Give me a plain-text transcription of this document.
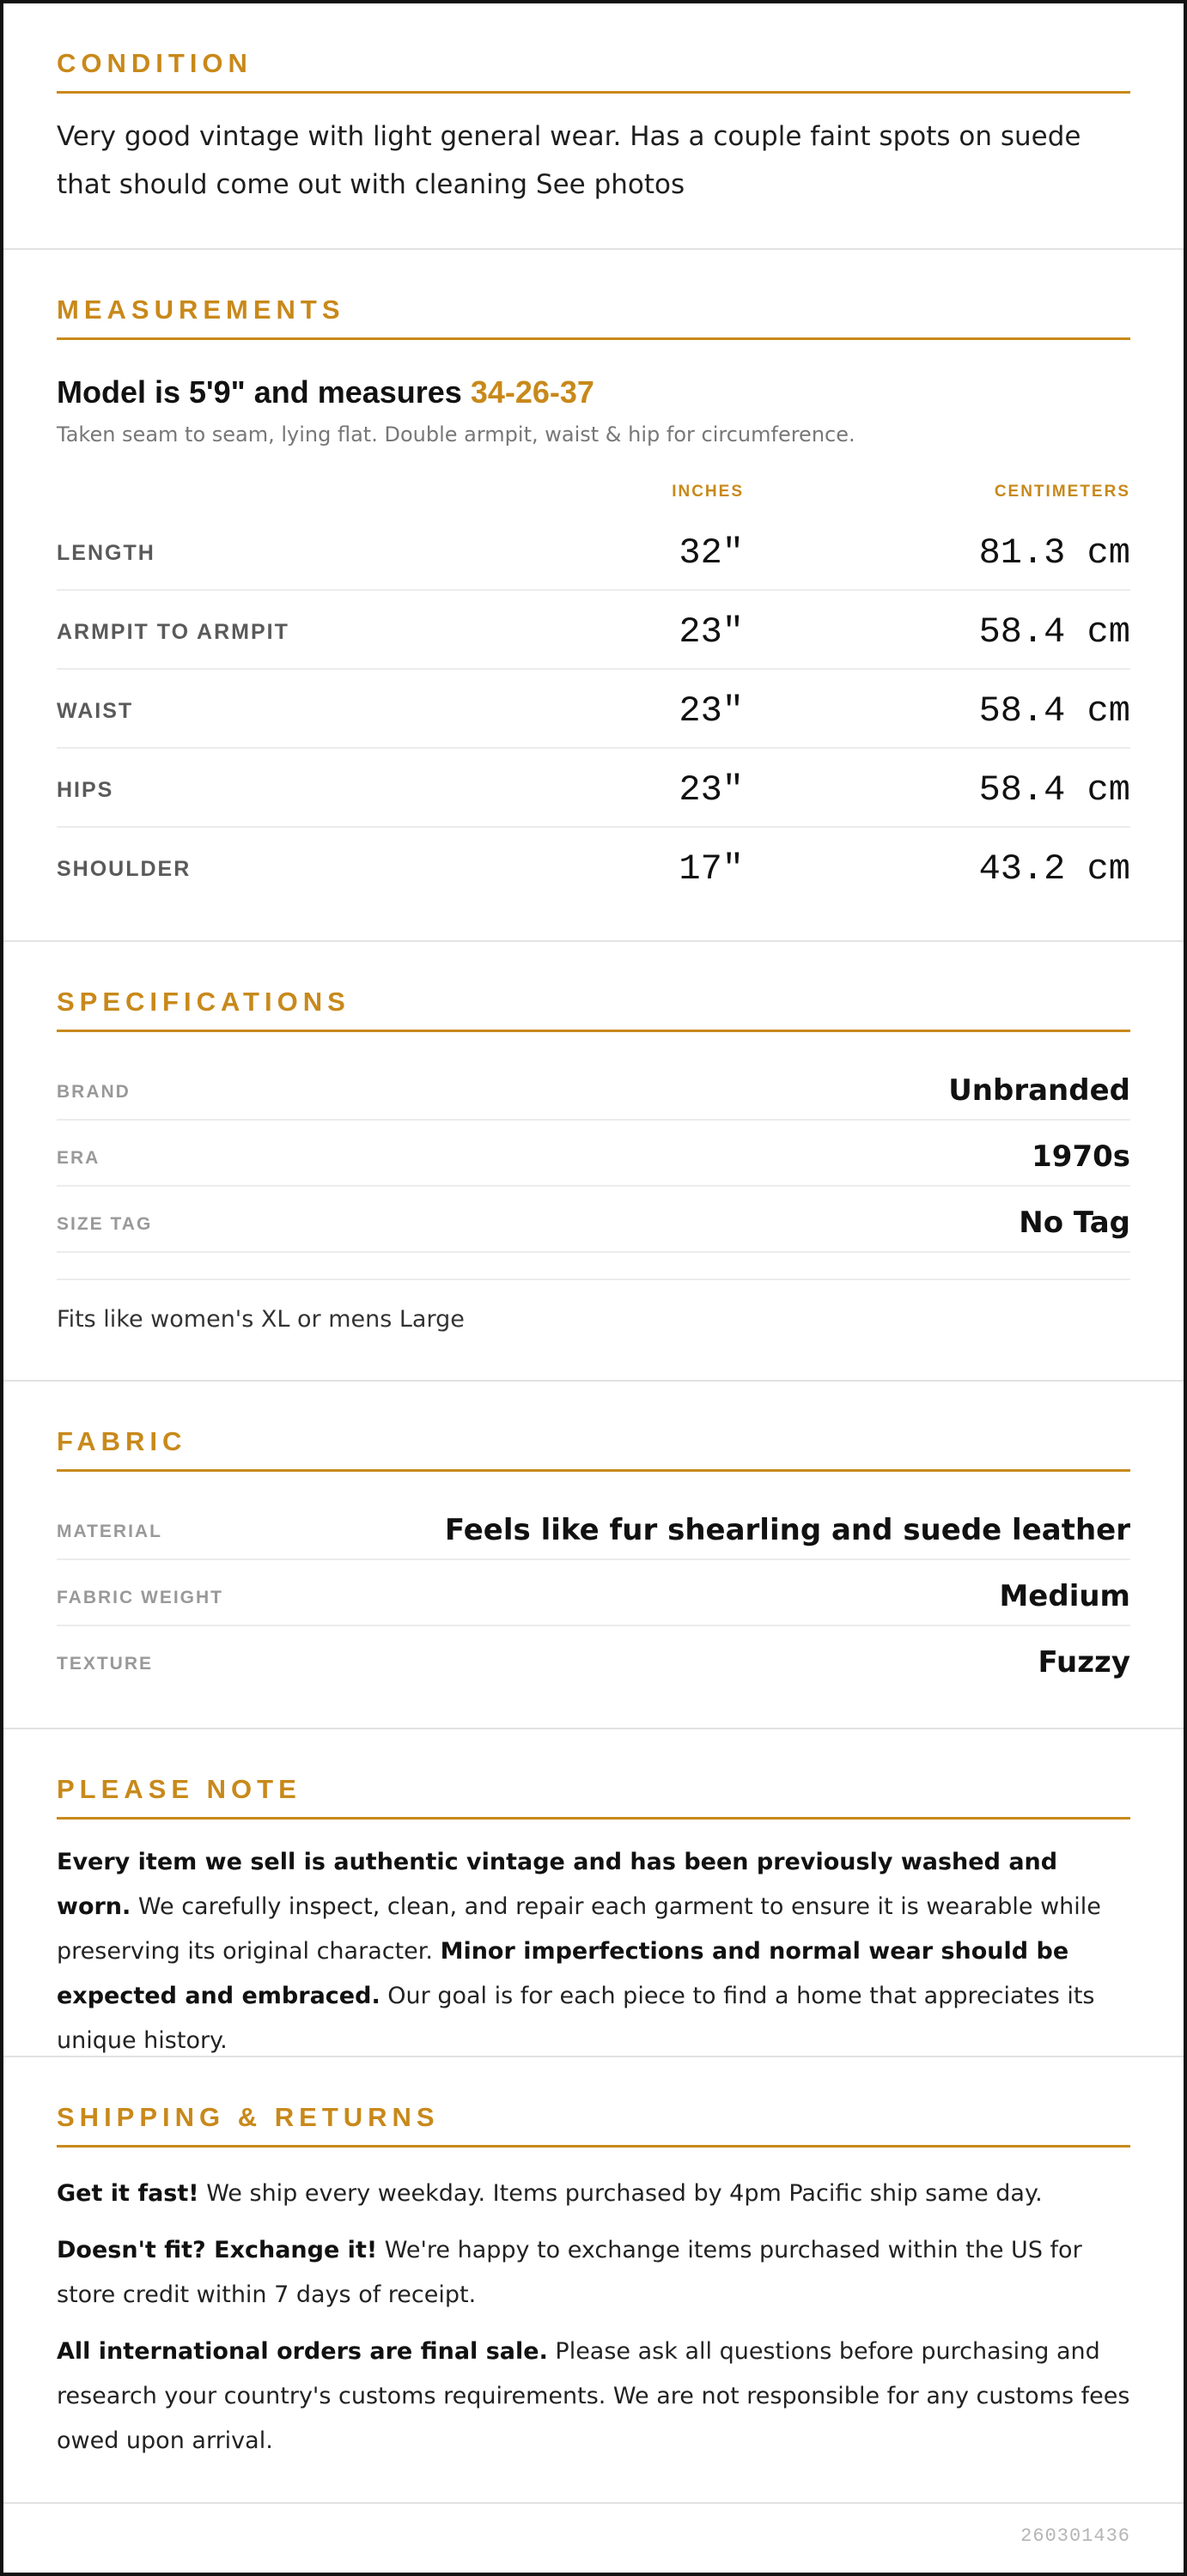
CONDITION

Very good vintage with light general wear. Has a couple faint spots on suede that should come out with cleaning See photos

MEASUREMENTS
Model is 5'9" and measures 34-26-37
Taken seam to seam, lying flat. Double armpit, waist & hip for circumference.
INCHES	CENTIMETERS
LENGTH	32"	81.3 cm
ARMPIT TO ARMPIT	23"	58.4 cm
WAIST	23"	58.4 cm
HIPS	23"	58.4 cm
SHOULDER	17"	43.2 cm
SPECIFICATIONS
BRAND	Unbranded
ERA	1970s
SIZE TAG	No Tag
Fits like women's XL or mens Large
FABRIC
MATERIAL	Feels like fur shearling and suede leather
FABRIC WEIGHT	Medium
TEXTURE	Fuzzy
PLEASE NOTE

Every item we sell is authentic vintage and has been previously washed and worn. We carefully inspect, clean, and repair each garment to ensure it is wearable while preserving its original character. Minor imperfections and normal wear should be expected and embraced. Our goal is for each piece to find a home that appreciates its unique history.

SHIPPING & RETURNS

Get it fast! We ship every weekday. Items purchased by 4pm Pacific ship same day.

Doesn't fit? Exchange it! We're happy to exchange items purchased within the US for store credit within 7 days of receipt.

All international orders are final sale. Please ask all questions before purchasing and research your country's customs requirements. We are not responsible for any customs fees owed upon arrival.

260301436
